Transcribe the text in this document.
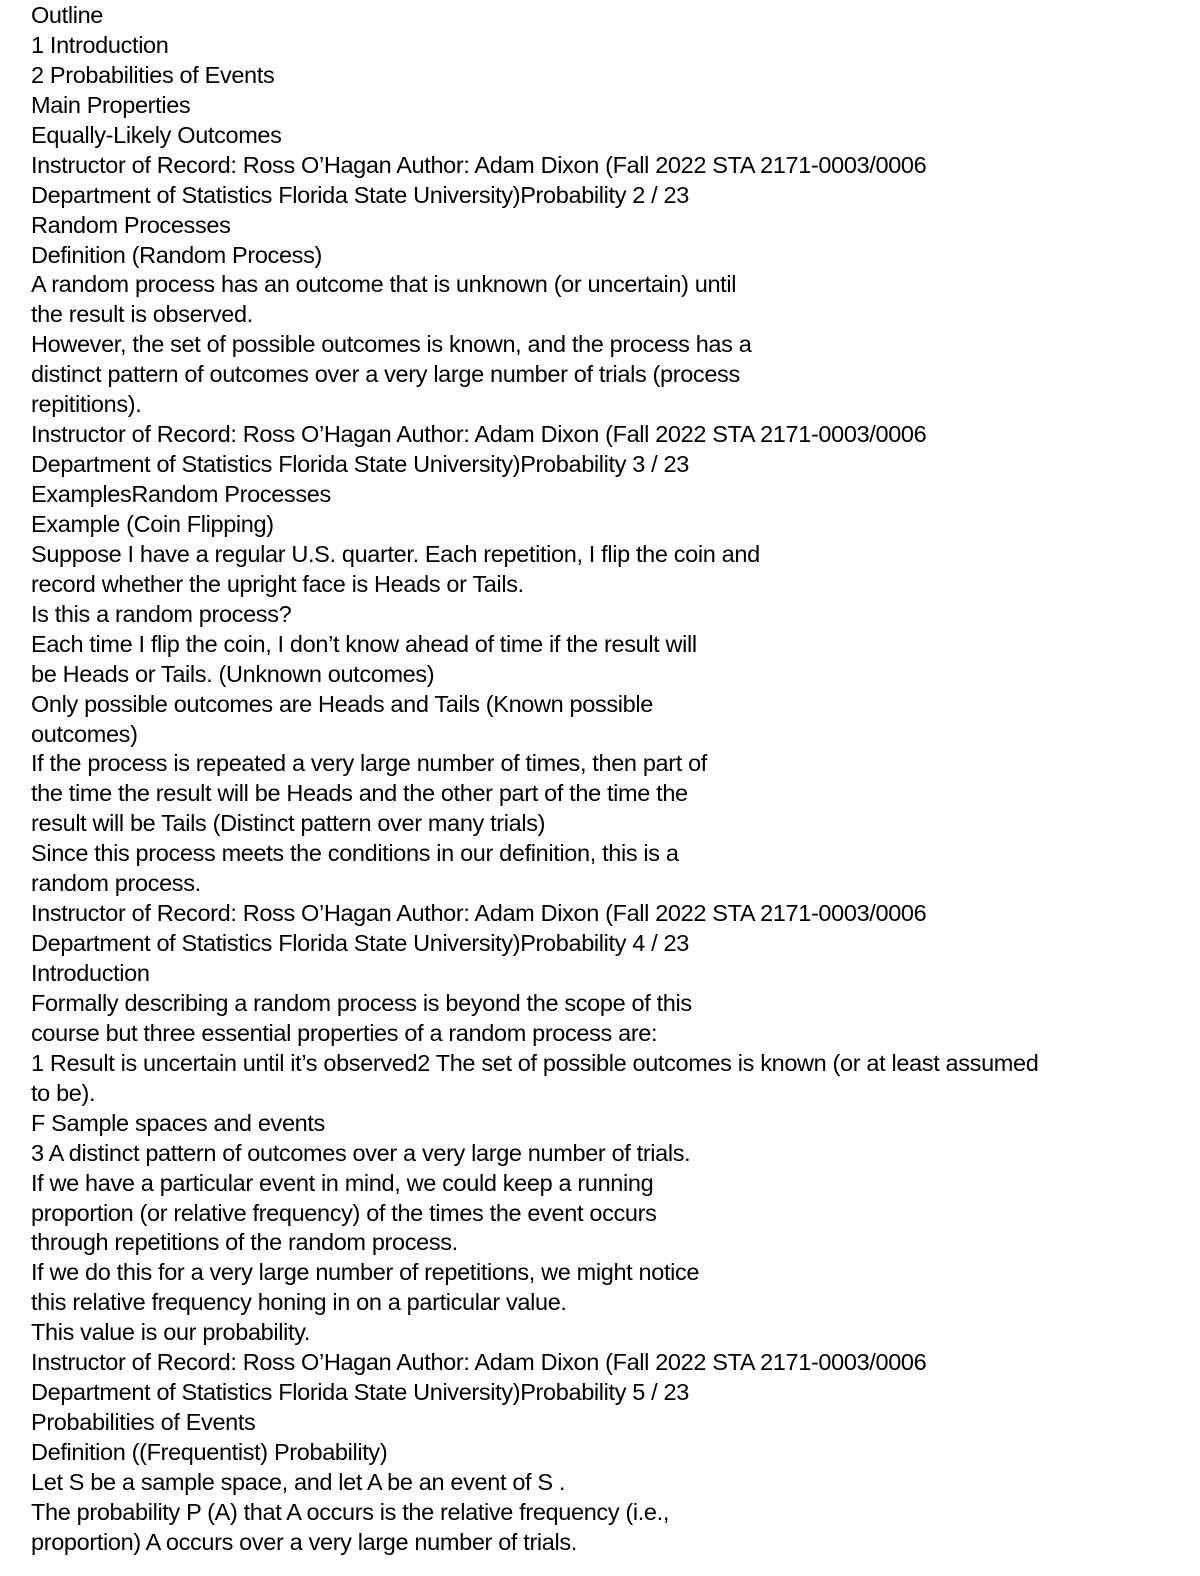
Outline
1 Introduction
2 Probabilities of Events
Main Properties
Equally-Likely Outcomes
Instructor of Record: Ross O’Hagan Author: Adam Dixon (Fall 2022 STA 2171-0003/0006
Department of Statistics Florida State University)Probability 2 / 23
Random Processes
Definition (Random Process)
A random process has an outcome that is unknown (or uncertain) until
the result is observed.
However, the set of possible outcomes is known, and the process has a
distinct pattern of outcomes over a very large number of trials (process
repititions).
Instructor of Record: Ross O’Hagan Author: Adam Dixon (Fall 2022 STA 2171-0003/0006
Department of Statistics Florida State University)Probability 3 / 23
ExamplesRandom Processes
Example (Coin Flipping)
Suppose I have a regular U.S. quarter. Each repetition, I flip the coin and
record whether the upright face is Heads or Tails.
Is this a random process?
Each time I flip the coin, I don’t know ahead of time if the result will
be Heads or Tails. (Unknown outcomes)
Only possible outcomes are Heads and Tails (Known possible
outcomes)
If the process is repeated a very large number of times, then part of
the time the result will be Heads and the other part of the time the
result will be Tails (Distinct pattern over many trials)
Since this process meets the conditions in our definition, this is a
random process.
Instructor of Record: Ross O’Hagan Author: Adam Dixon (Fall 2022 STA 2171-0003/0006
Department of Statistics Florida State University)Probability 4 / 23
Introduction
Formally describing a random process is beyond the scope of this
course but three essential properties of a random process are:
1 Result is uncertain until it’s observed2 The set of possible outcomes is known (or at least assumed
to be).
F Sample spaces and events
3 A distinct pattern of outcomes over a very large number of trials.
If we have a particular event in mind, we could keep a running
proportion (or relative frequency) of the times the event occurs
through repetitions of the random process.
If we do this for a very large number of repetitions, we might notice
this relative frequency honing in on a particular value.
This value is our probability.
Instructor of Record: Ross O’Hagan Author: Adam Dixon (Fall 2022 STA 2171-0003/0006
Department of Statistics Florida State University)Probability 5 / 23
Probabilities of Events
Definition ((Frequentist) Probability)
Let S be a sample space, and let A be an event of S .
The probability P (A) that A occurs is the relative frequency (i.e.,
proportion) A occurs over a very large number of trials.
